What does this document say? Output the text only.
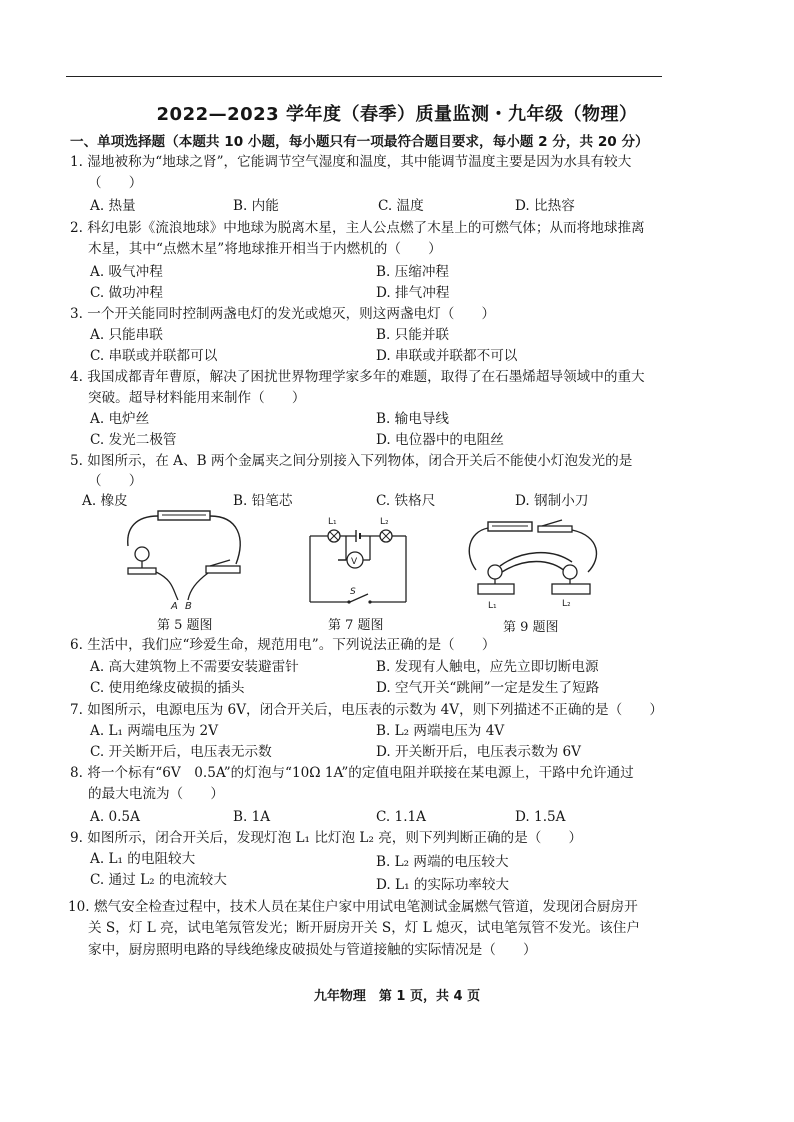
2022—2023 学年度（春季）质量监测・九年级（物理）
一、单项选择题（本题共 10 小题，每小题只有一项最符合题目要求，每小题 2 分，共 20 分）
1. 湿地被称为“地球之肾”，它能调节空气湿度和温度，其中能调节温度主要是因为水具有较大
（　　）
A. 热量	B. 内能	C. 温度	D. 比热容
2. 科幻电影《流浪地球》中地球为脱离木星，主人公点燃了木星上的可燃气体；从而将地球推离
木星，其中“点燃木星”将地球推开相当于内燃机的（　　）
A. 吸气冲程	B. 压缩冲程
C. 做功冲程	D. 排气冲程
3. 一个开关能同时控制两盏电灯的发光或熄灭，则这两盏电灯（　　）
A. 只能串联	B. 只能并联
C. 串联或并联都可以	D. 串联或并联都不可以
4. 我国成都青年曹原，解决了困扰世界物理学家多年的难题，取得了在石墨烯超导领域中的重大
突破。超导材料能用来制作（　　）
A. 电炉丝	B. 输电导线
C. 发光二极管	D. 电位器中的电阻丝
5. 如图所示，在 A、B 两个金属夹之间分别接入下列物体，闭合开关后不能使小灯泡发光的是
（　　）
A. 橡皮	B. 铅笔芯	C. 铁格尺	D. 钢制小刀
A B
第 5 题图
L₁	L₂
V
S
第 7 题图
L₁	L₂
第 9 题图
6. 生活中，我们应“珍爱生命，规范用电”。下列说法正确的是（　　）
A. 高大建筑物上不需要安装避雷针	B. 发现有人触电，应先立即切断电源
C. 使用绝缘皮破损的插头	D. 空气开关“跳闸”一定是发生了短路
7. 如图所示，电源电压为 6V，闭合开关后，电压表的示数为 4V，则下列描述不正确的是（　　）
A. L₁ 两端电压为 2V	B. L₂ 两端电压为 4V
C. 开关断开后，电压表无示数	D. 开关断开后，电压表示数为 6V
8. 将一个标有“6V　0.5A”的灯泡与“10Ω 1A”的定值电阻并联接在某电源上，干路中允许通过
的最大电流为（　　）
A. 0.5A	B. 1A	C. 1.1A	D. 1.5A
9. 如图所示，闭合开关后，发现灯泡 L₁ 比灯泡 L₂ 亮，则下列判断正确的是（　　）
A. L₁ 的电阻较大	B. L₂ 两端的电压较大
C. 通过 L₂ 的电流较大	D. L₁ 的实际功率较大
10. 燃气安全检查过程中，技术人员在某住户家中用试电笔测试金属燃气管道，发现闭合厨房开
关 S，灯 L 亮，试电笔氖管发光；断开厨房开关 S，灯 L 熄灭，试电笔氖管不发光。该住户
家中，厨房照明电路的导线绝缘皮破损处与管道接触的实际情况是（　　）
九年物理　第 1 页，共 4 页
